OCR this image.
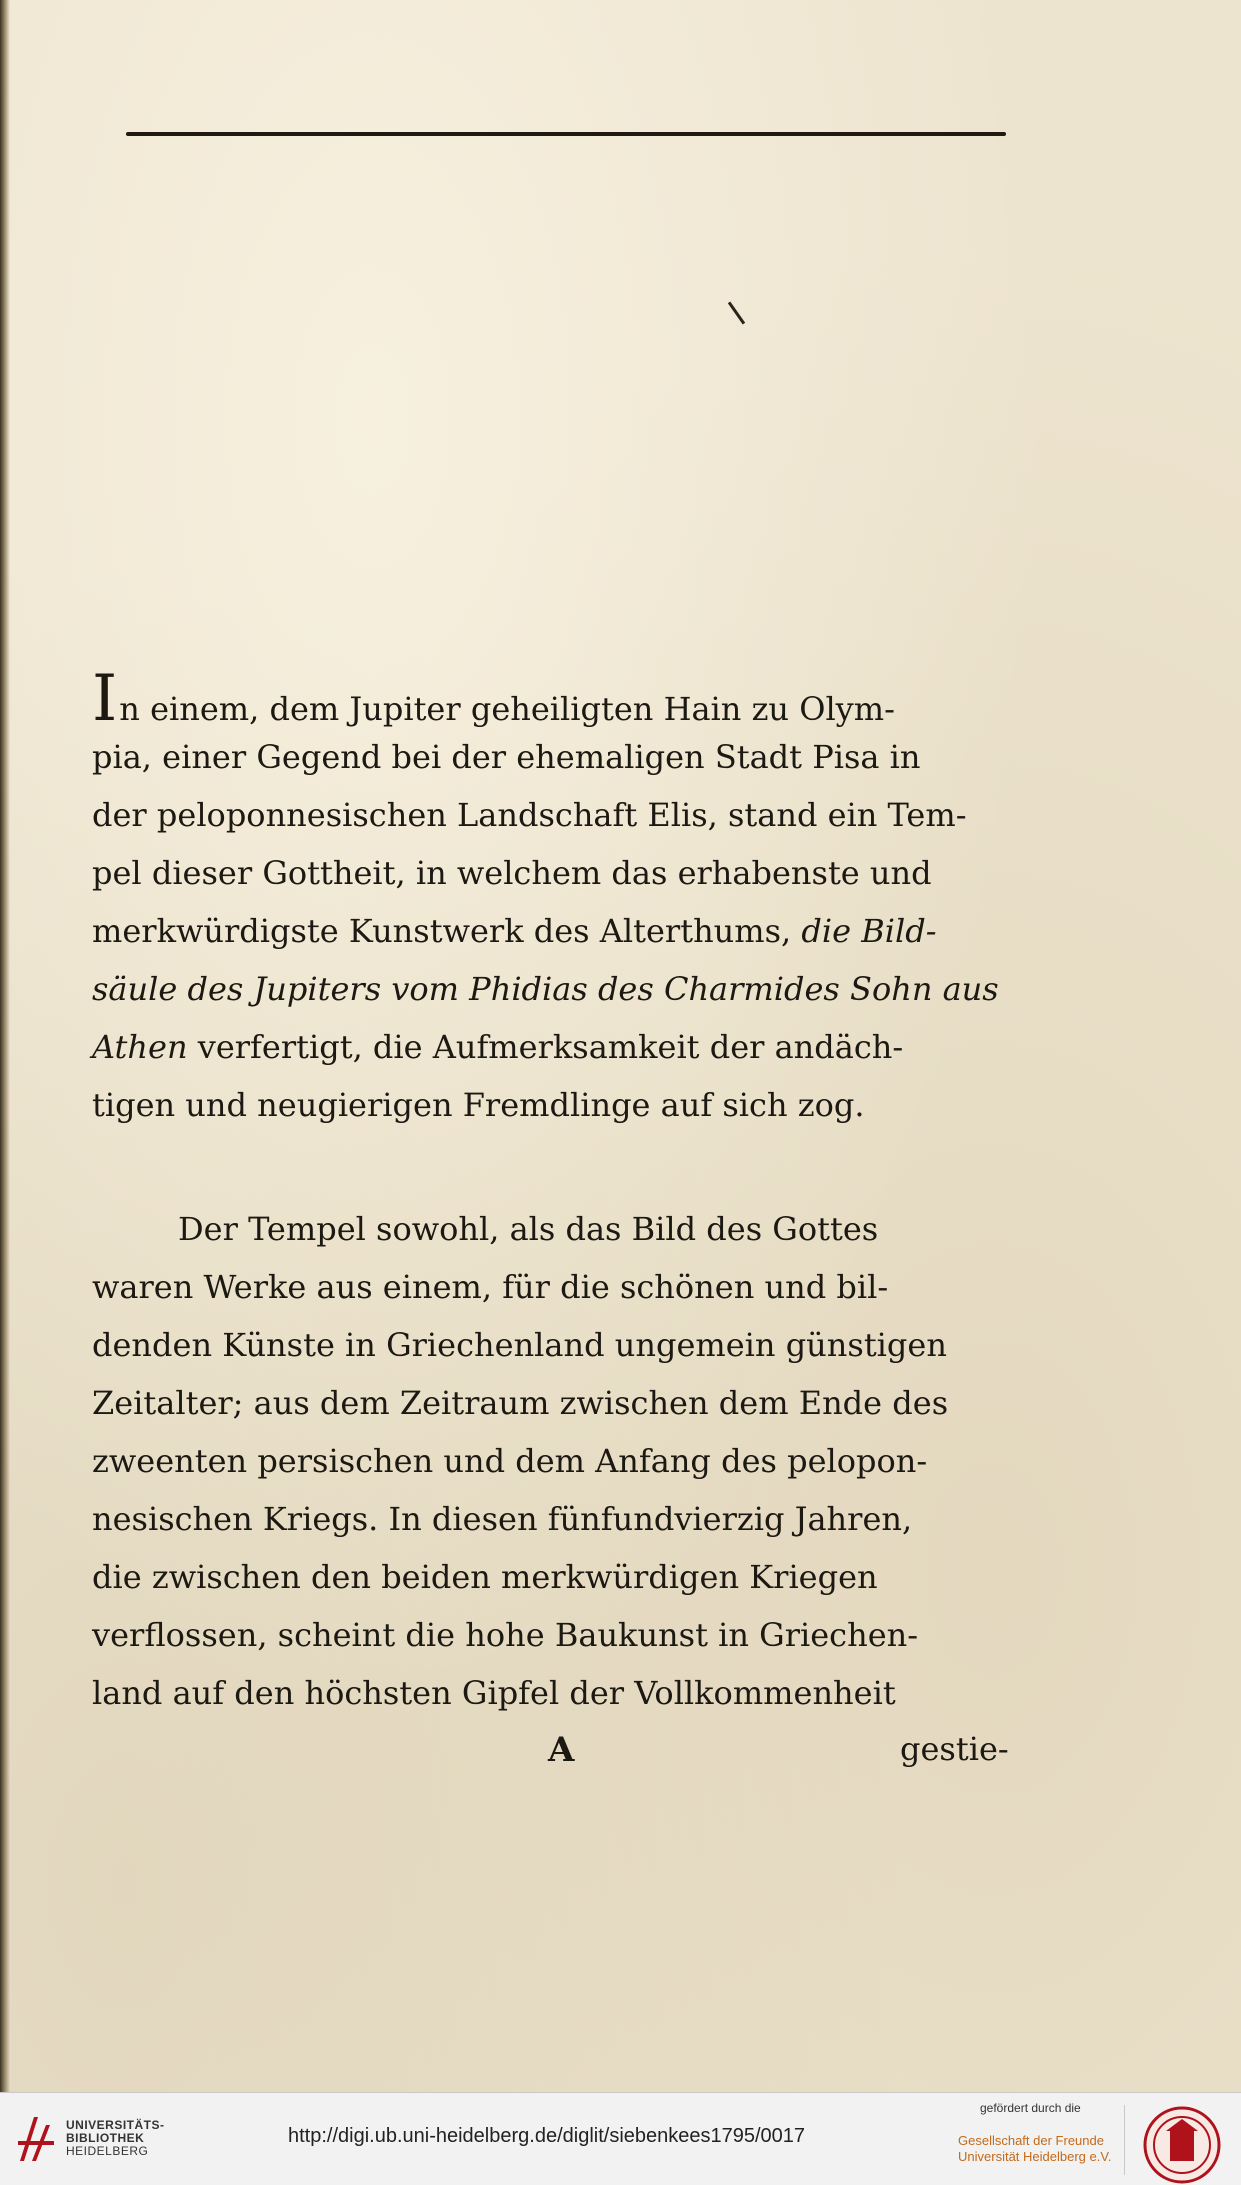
In einem, dem Jupiter geheiligten Hain zu Olym-
pia, einer Gegend bei der ehemaligen Stadt Pisa in
der peloponnesischen Landschaft Elis, stand ein Tem-
pel dieser Gottheit, in welchem das erhabenste und
merkwürdigste Kunstwerk des Alterthums, die Bild-
säule des Jupiters vom Phidias des Charmides Sohn aus
Athen verfertigt, die Aufmerksamkeit der andäch-
tigen und neugierigen Fremdlinge auf sich zog.
Der Tempel sowohl, als das Bild des Gottes
waren Werke aus einem, für die schönen und bil-
denden Künste in Griechenland ungemein günstigen
Zeitalter; aus dem Zeitraum zwischen dem Ende des
zweenten persischen und dem Anfang des pelopon-
nesischen Kriegs. In diesen fünfundvierzig Jahren,
die zwischen den beiden merkwürdigen Kriegen
verflossen, scheint die hohe Baukunst in Griechen-
land auf den höchsten Gipfel der Vollkommenheit
A	gestie-
UNIVERSITÄTS-
BIBLIOTHEK
HEIDELBERG
http://digi.ub.uni-heidelberg.de/diglit/siebenkees1795/0017
gefördert durch die
Gesellschaft der Freunde
Universität Heidelberg e.V.
